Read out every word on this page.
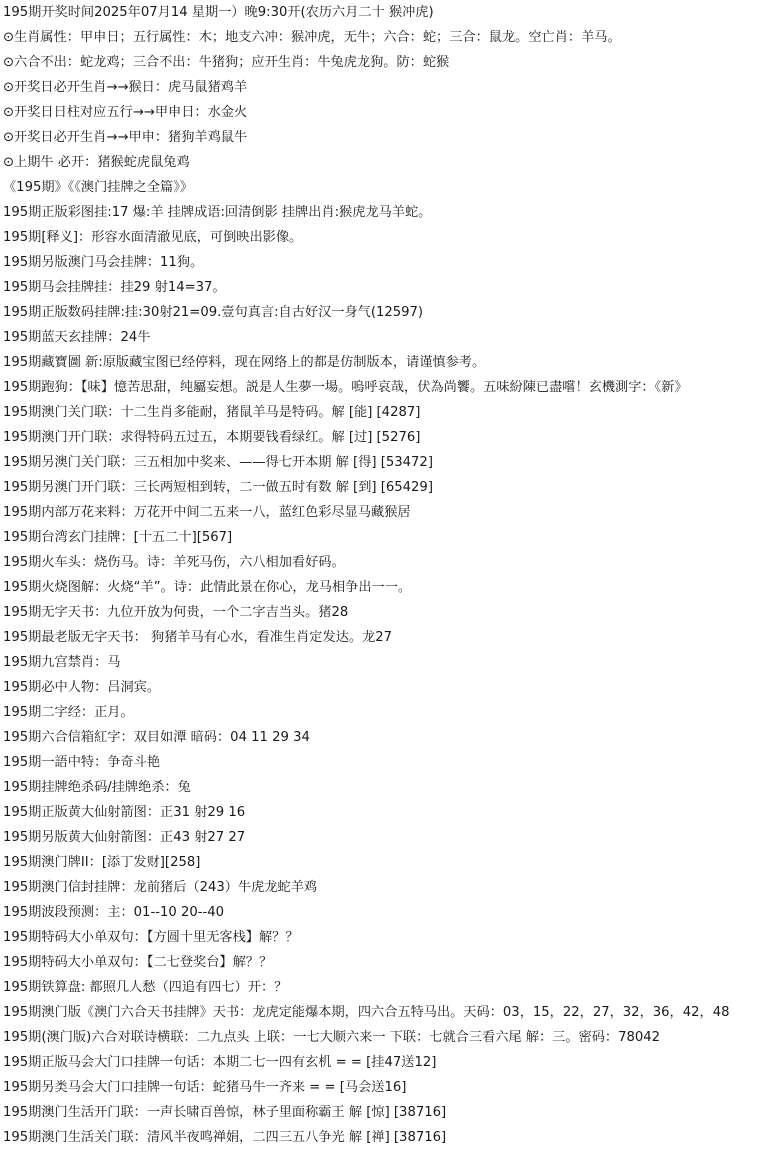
195期开奖时间2025年07月14 星期一）晚9:30开(农历六月二十 猴冲虎)
⊙生肖属性：甲申日；五行属性：木；地支六冲：猴冲虎，无牛；六合：蛇；三合：鼠龙。空亡肖：羊马。
⊙六合不出：蛇龙鸡；三合不出：牛猪狗；应开生肖：牛兔虎龙狗。防：蛇猴
⊙开奖日必开生肖→→猴日：虎马鼠猪鸡羊
⊙开奖日日柱对应五行→→甲申日：水金火
⊙开奖日必开生肖→→甲申：猪狗羊鸡鼠牛
⊙上期牛 必开：猪猴蛇虎鼠兔鸡
《195期》《《澳门挂牌之全篇》》
195期正版彩图挂:17 爆:羊 挂牌成语:回清倒影 挂牌出肖:猴虎龙马羊蛇。
195期[释义]：形容水面清澈见底，可倒映出影像。
195期另版澳门马会挂牌：11狗。
195期马会挂牌挂：挂29 射14=37。
195期正版数码挂牌:挂:30射21=09.壹句真言:自古好汉一身气(12597)
195期蓝天玄挂牌：24牛
195期藏寶圖 新:原版藏宝图已经停料，现在网络上的都是仿制版本，请谨慎参考。
195期跑狗：【味】憶苦思甜，纯屬妄想。説是人生夢一場。嗚呼哀哉，伏為尚饗。五味紛陳已盡嚐！玄機測字：《新》
195期澳门关门联：十二生肖多能耐，猪鼠羊马是特码。解 [能] [4287]
195期澳门开门联：求得特码五过五，本期要钱看绿红。解 [过] [5276]
195期另澳门关门联：三五相加中奖来、——得七开本期 解 [得] [53472]
195期另澳门开门联：三长两短相到转，二一做五时有数 解 [到] [65429]
195期内部万花来料：万花开中间二五来一八，蓝红色彩尽显马藏猴居
195期台湾玄门挂牌：[十五二十][567]
195期火车头：烧伤马。诗：羊死马伤，六八相加看好码。
195期火烧图解：火烧“羊”。诗：此情此景在你心，龙马相争出一一。
195期无字天书：九位开放为何贵，一个二字吉当头。猪28
195期最老版无字天书： 狗猪羊马有心水，看准生肖定发达。龙27
195期九宫禁肖：马
195期必中人物：吕洞宾。
195期二字经：正月。
195期六合信箱紅字：双目如潭 暗码：04 11 29 34
195期一語中特：争奇斗艳
195期挂牌绝杀码/挂牌绝杀：兔
195期正版黄大仙射箭图：正31 射29 16
195期另版黄大仙射箭图：正43 射27 27
195期澳门牌II：[添丁发财][258]
195期澳门信封挂牌：龙前猪后（243）牛虎龙蛇羊鸡
195期波段预测：主：01--10 20--40
195期特码大小单双句：【方圆十里无客栈】解？？
195期特码大小单双句：【二七登奖台】解？？
195期铁算盘: 都照几人愁（四追有四七）开：？
195期澳门版《澳门六合天书挂牌》天书：龙虎定能爆本期，四六合五特马出。天码：03，15，22，27，32，36，42，48
195期(澳门版)六合对联诗横联：二九点头 上联：一七大顺六来一 下联：七就合三看六尾 解：三。密码：78042
195期正版马会大门口挂牌一句话：本期二七一四有玄机 = = [挂47送12]
195期另类马会大门口挂牌一句话：蛇猪马牛一齐来 = = [马会送16]
195期澳门生活开门联：一声长啸百兽惊，林子里面称霸王 解 [惊] [38716]
195期澳门生活关门联：清风半夜鸣禅娟，二四三五八争光 解 [禅] [38716]
